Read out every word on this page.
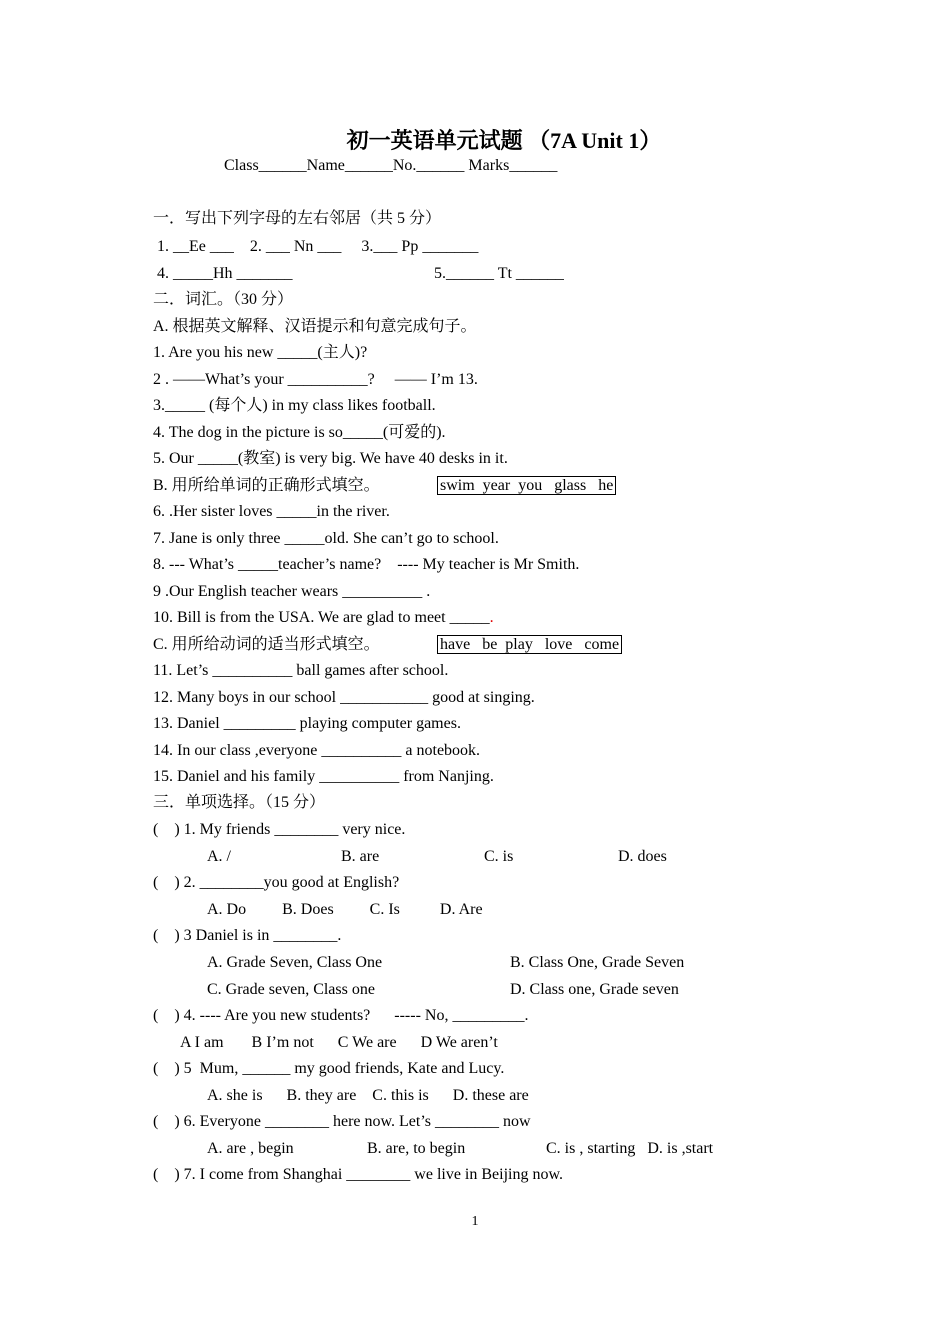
初一英语单元试题 （7A Unit 1）
Class______Name______No.______ Marks______
一．写出下列字母的左右邻居（共 5 分）
1. __Ee ___    2. ___ Nn ___     3.___ Pp _______
4. _____Hh _______	5.______ Tt ______
二．词汇。（30 分）
A. 根据英文解释、汉语提示和句意完成句子。
1. Are you his new _____(主人)?
2 . ——What’s your __________?     —— I’m 13.
3._____ (每个人) in my class likes football.
4. The dog in the picture is so_____(可爱的).
5. Our _____(教室) is very big. We have 40 desks in it.
B. 用所给单词的正确形式填空。	swim  year  you   glass   he
6. .Her sister loves _____in the river.
7. Jane is only three _____old. She can’t go to school.
8. --- What’s _____teacher’s name?    ---- My teacher is Mr Smith.
9 .Our English teacher wears __________ .
10. Bill is from the USA. We are glad to meet _____.
C. 用所给动词的适当形式填空。	have   be  play   love   come
11. Let’s __________ ball games after school.
12. Many boys in our school ___________ good at singing.
13. Daniel _________ playing computer games.
14. In our class ,everyone __________ a notebook.
15. Daniel and his family __________ from Nanjing.
三．单项选择。（15 分）
(    ) 1. My friends ________ very nice.
A. /	B. are	C. is	D. does
(    ) 2. ________you good at English?
A. Do         B. Does         C. Is          D. Are
(    ) 3 Daniel is in ________.
A. Grade Seven, Class One	B. Class One, Grade Seven
C. Grade seven, Class one	D. Class one, Grade seven
(    ) 4. ---- Are you new students?      ----- No, _________.
A I am       B I’m not      C We are      D We aren’t
(    ) 5  Mum, ______ my good friends, Kate and Lucy.
A. she is      B. they are    C. this is      D. these are
(    ) 6. Everyone ________ here now. Let’s ________ now
A. are , begin	B. are, to begin	C. is , starting   D. is ,start
(    ) 7. I come from Shanghai ________ we live in Beijing now.
1
